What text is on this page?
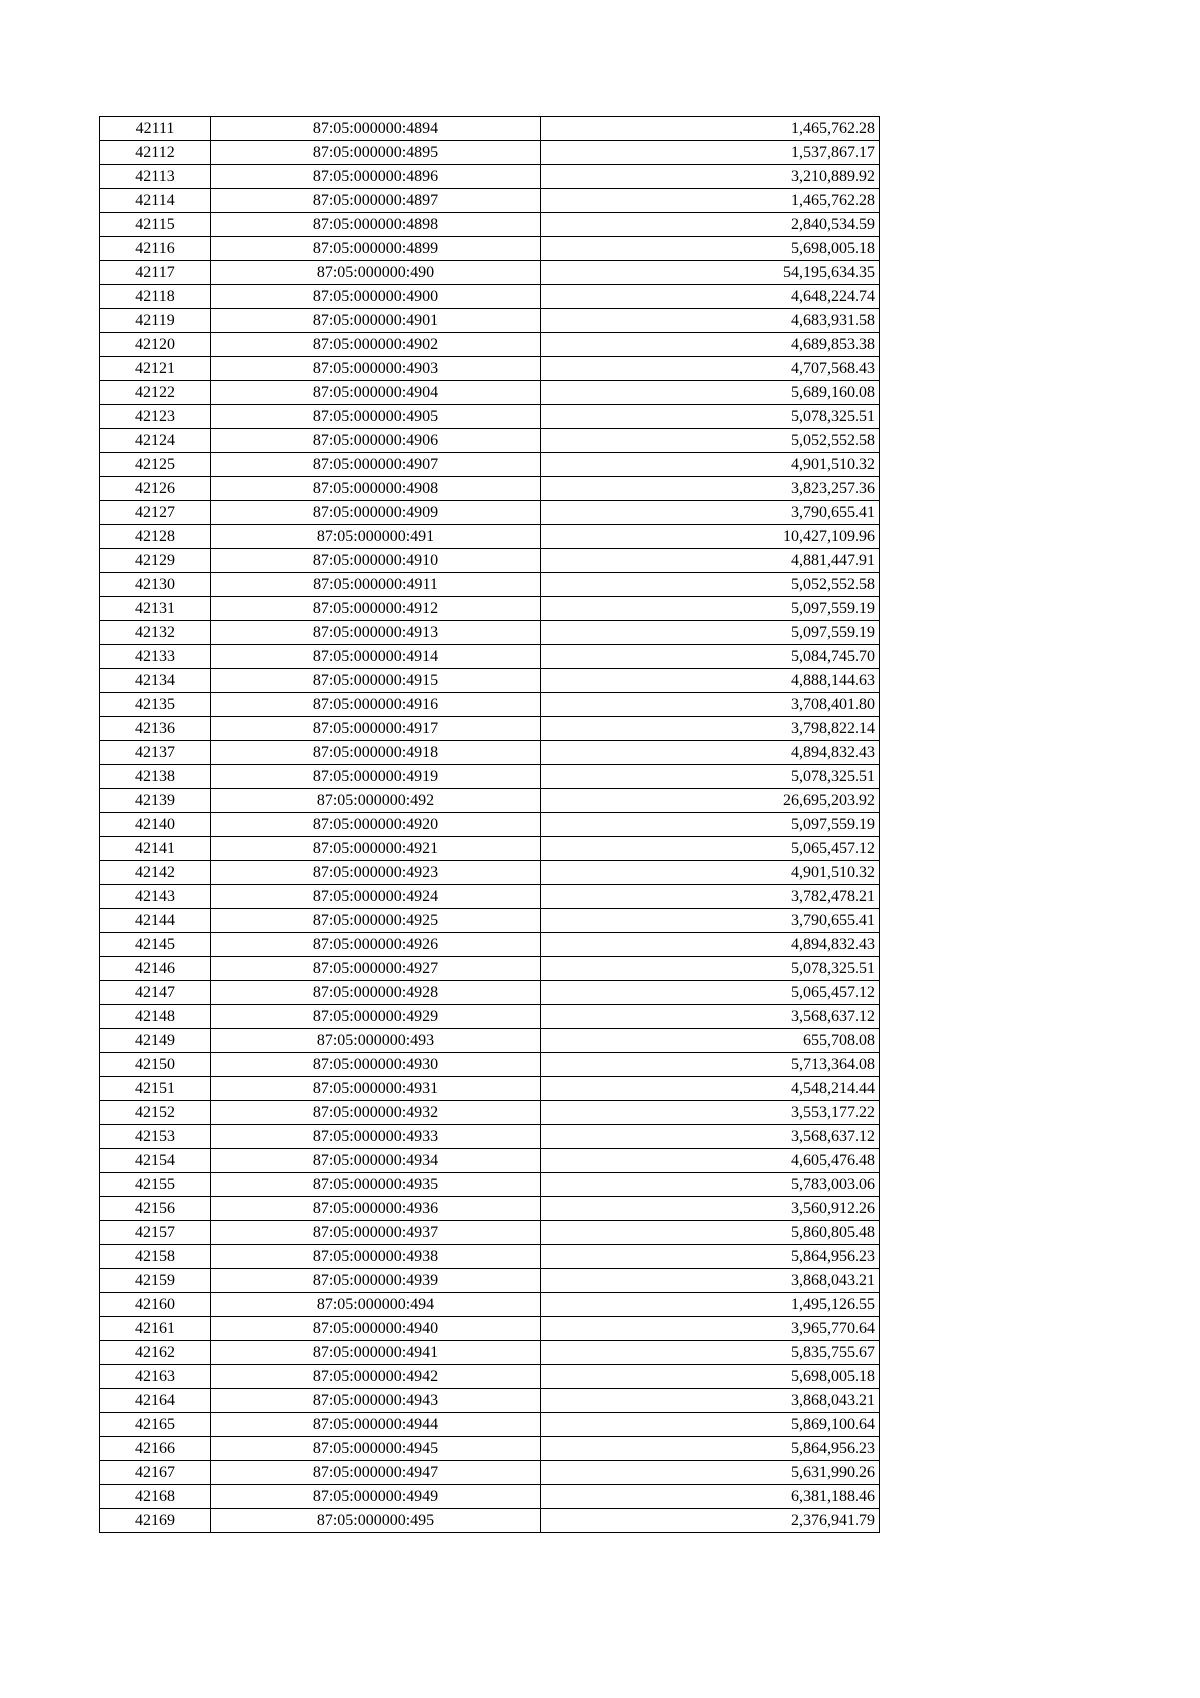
42111	87:05:000000:4894	1,465,762.28
42112	87:05:000000:4895	1,537,867.17
42113	87:05:000000:4896	3,210,889.92
42114	87:05:000000:4897	1,465,762.28
42115	87:05:000000:4898	2,840,534.59
42116	87:05:000000:4899	5,698,005.18
42117	87:05:000000:490	54,195,634.35
42118	87:05:000000:4900	4,648,224.74
42119	87:05:000000:4901	4,683,931.58
42120	87:05:000000:4902	4,689,853.38
42121	87:05:000000:4903	4,707,568.43
42122	87:05:000000:4904	5,689,160.08
42123	87:05:000000:4905	5,078,325.51
42124	87:05:000000:4906	5,052,552.58
42125	87:05:000000:4907	4,901,510.32
42126	87:05:000000:4908	3,823,257.36
42127	87:05:000000:4909	3,790,655.41
42128	87:05:000000:491	10,427,109.96
42129	87:05:000000:4910	4,881,447.91
42130	87:05:000000:4911	5,052,552.58
42131	87:05:000000:4912	5,097,559.19
42132	87:05:000000:4913	5,097,559.19
42133	87:05:000000:4914	5,084,745.70
42134	87:05:000000:4915	4,888,144.63
42135	87:05:000000:4916	3,708,401.80
42136	87:05:000000:4917	3,798,822.14
42137	87:05:000000:4918	4,894,832.43
42138	87:05:000000:4919	5,078,325.51
42139	87:05:000000:492	26,695,203.92
42140	87:05:000000:4920	5,097,559.19
42141	87:05:000000:4921	5,065,457.12
42142	87:05:000000:4923	4,901,510.32
42143	87:05:000000:4924	3,782,478.21
42144	87:05:000000:4925	3,790,655.41
42145	87:05:000000:4926	4,894,832.43
42146	87:05:000000:4927	5,078,325.51
42147	87:05:000000:4928	5,065,457.12
42148	87:05:000000:4929	3,568,637.12
42149	87:05:000000:493	655,708.08
42150	87:05:000000:4930	5,713,364.08
42151	87:05:000000:4931	4,548,214.44
42152	87:05:000000:4932	3,553,177.22
42153	87:05:000000:4933	3,568,637.12
42154	87:05:000000:4934	4,605,476.48
42155	87:05:000000:4935	5,783,003.06
42156	87:05:000000:4936	3,560,912.26
42157	87:05:000000:4937	5,860,805.48
42158	87:05:000000:4938	5,864,956.23
42159	87:05:000000:4939	3,868,043.21
42160	87:05:000000:494	1,495,126.55
42161	87:05:000000:4940	3,965,770.64
42162	87:05:000000:4941	5,835,755.67
42163	87:05:000000:4942	5,698,005.18
42164	87:05:000000:4943	3,868,043.21
42165	87:05:000000:4944	5,869,100.64
42166	87:05:000000:4945	5,864,956.23
42167	87:05:000000:4947	5,631,990.26
42168	87:05:000000:4949	6,381,188.46
42169	87:05:000000:495	2,376,941.79
